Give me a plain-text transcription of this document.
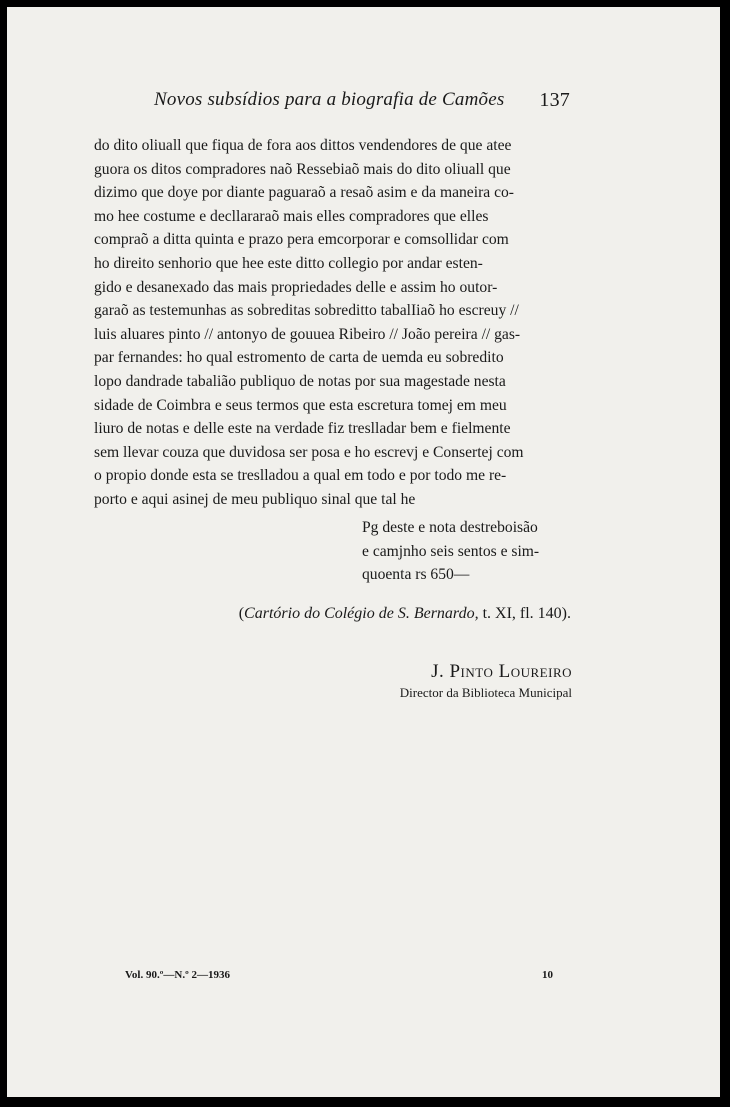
Novos subsídios para a biografia de Camões 137

do dito oliuall que fiqua de fora aos dittos vendendores de que atee

guora os ditos compradores naõ Ressebiaõ mais do dito oliuall que

dizimo que doye por diante paguaraõ a resaõ asim e da maneira co-

mo hee costume e decllararaõ mais elles compradores que elles

compraõ a ditta quinta e prazo pera emcorporar e comsollidar com

ho direito senhorio que hee este ditto collegio por andar esten-

gido e desanexado das mais propriedades delle e assim ho outor-

garaõ as testemunhas as sobreditas sobreditto tabalIiaõ ho escreuy //

luis aluares pinto // antonyo de gouuea Ribeiro // João pereira // gas-

par fernandes: ho qual estromento de carta de uemda eu sobredito

lopo dandrade tabalião publiquo de notas por sua magestade nesta

sidade de Coimbra e seus termos que esta escretura tomej em meu

liuro de notas e delle este na verdade fiz treslladar bem e fielmente

sem llevar couza que duvidosa ser posa e ho escrevj e Consertej com

o propio donde esta se treslladou a qual em todo e por todo me re-

porto e aqui asinej de meu publiquo sinal que tal he

Pg deste e nota destreboisão

e camjnho seis sentos e sim-

quoenta rs 650—

(Cartório do Colégio de S. Bernardo, t. XI, fl. 140).
J. Pinto Loureiro
Director da Biblioteca Municipal
Vol. 90.º—N.º 2—1936	10
